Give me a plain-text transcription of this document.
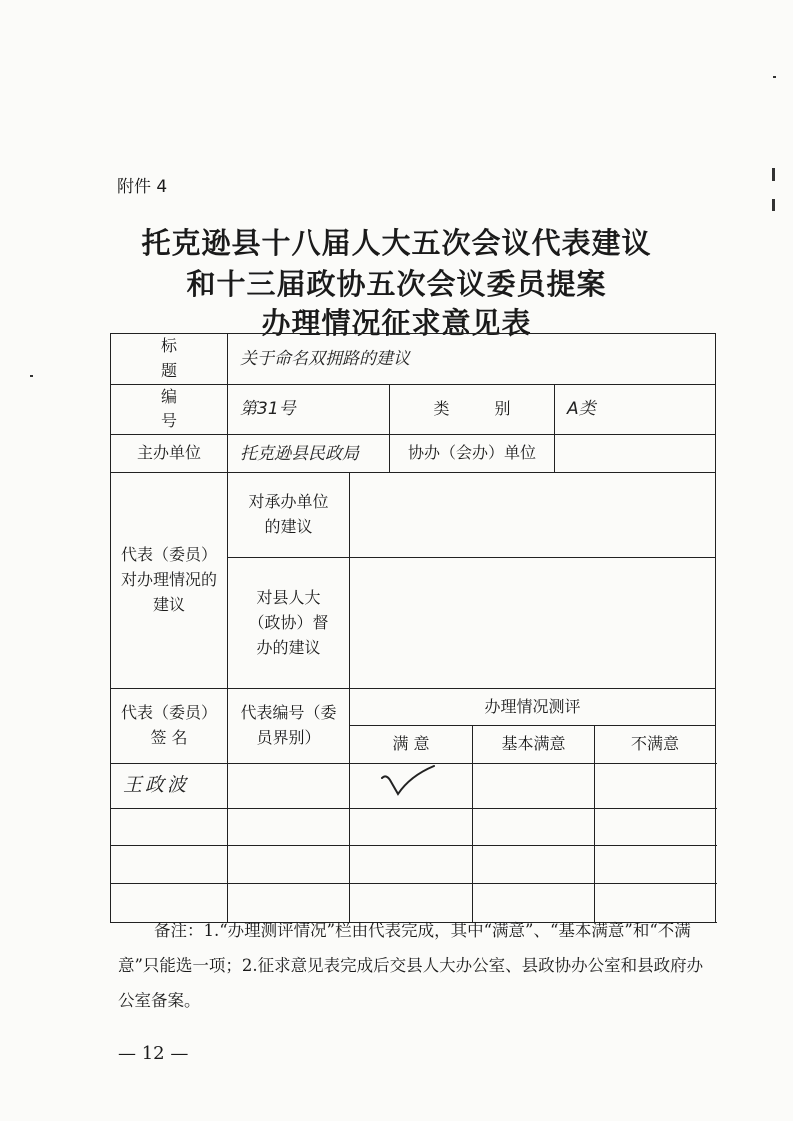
附件 4
托克逊县十八届人大五次会议代表建议
和十三届政协五次会议委员提案
办理情况征求意见表
标 题	关于命名双拥路的建议					
编 号	第31号		类 别		A类	
主办单位	托克逊县民政局		协办（会办）单位			
代表（委员）对办理情况的建议	对承办单位的建议					
	对县人大（政协）督办的建议					
代表（委员）签 名	代表编号（委员界别）	办理情况测评				
		满 意		基本满意		不满意
王政波		

备注：1.“办理测评情况”栏由代表完成，其中“满意”、“基本满意”和“不满意”只能选一项；2.征求意见表完成后交县人大办公室、县政协办公室和县政府办公室备案。
— 12 —
